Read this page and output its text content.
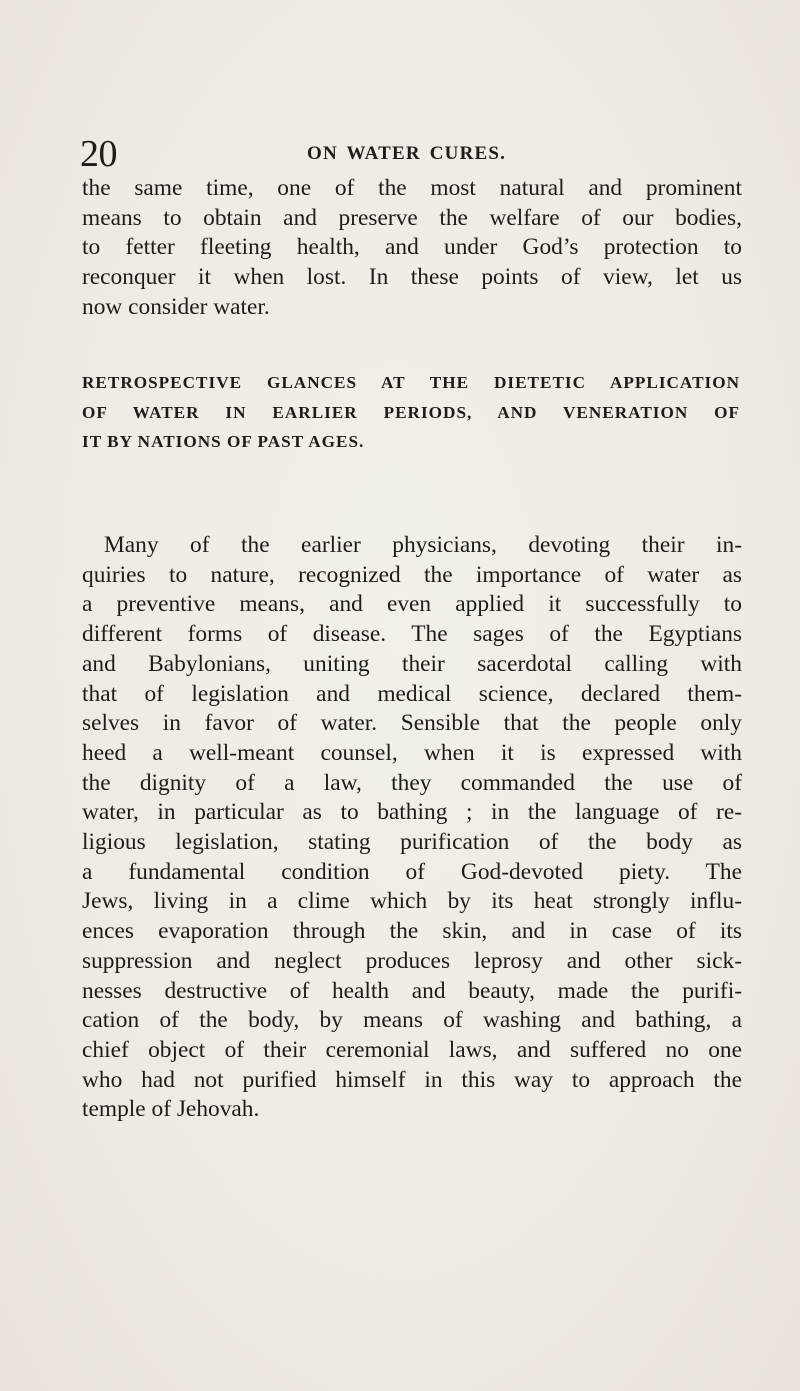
20	ON WATER CURES.
the same time, one of the most natural and prominent
means to obtain and preserve the welfare of our bodies,
to fetter fleeting health, and under God’s protection to
reconquer it when lost. In these points of view, let us
now consider water.
RETROSPECTIVE GLANCES AT THE DIETETIC APPLICATION
OF WATER IN EARLIER PERIODS, AND VENERATION OF
IT BY NATIONS OF PAST AGES.
Many of the earlier physicians, devoting their in-
quiries to nature, recognized the importance of water as
a preventive means, and even applied it successfully to
different forms of disease. The sages of the Egyptians
and Babylonians, uniting their sacerdotal calling with
that of legislation and medical science, declared them-
selves in favor of water. Sensible that the people only
heed a well-meant counsel, when it is expressed with
the dignity of a law, they commanded the use of
water, in particular as to bathing ; in the language of re-
ligious legislation, stating purification of the body as
a fundamental condition of God-devoted piety. The
Jews, living in a clime which by its heat strongly influ-
ences evaporation through the skin, and in case of its
suppression and neglect produces leprosy and other sick-
nesses destructive of health and beauty, made the purifi-
cation of the body, by means of washing and bathing, a
chief object of their ceremonial laws, and suffered no one
who had not purified himself in this way to approach the
temple of Jehovah.
